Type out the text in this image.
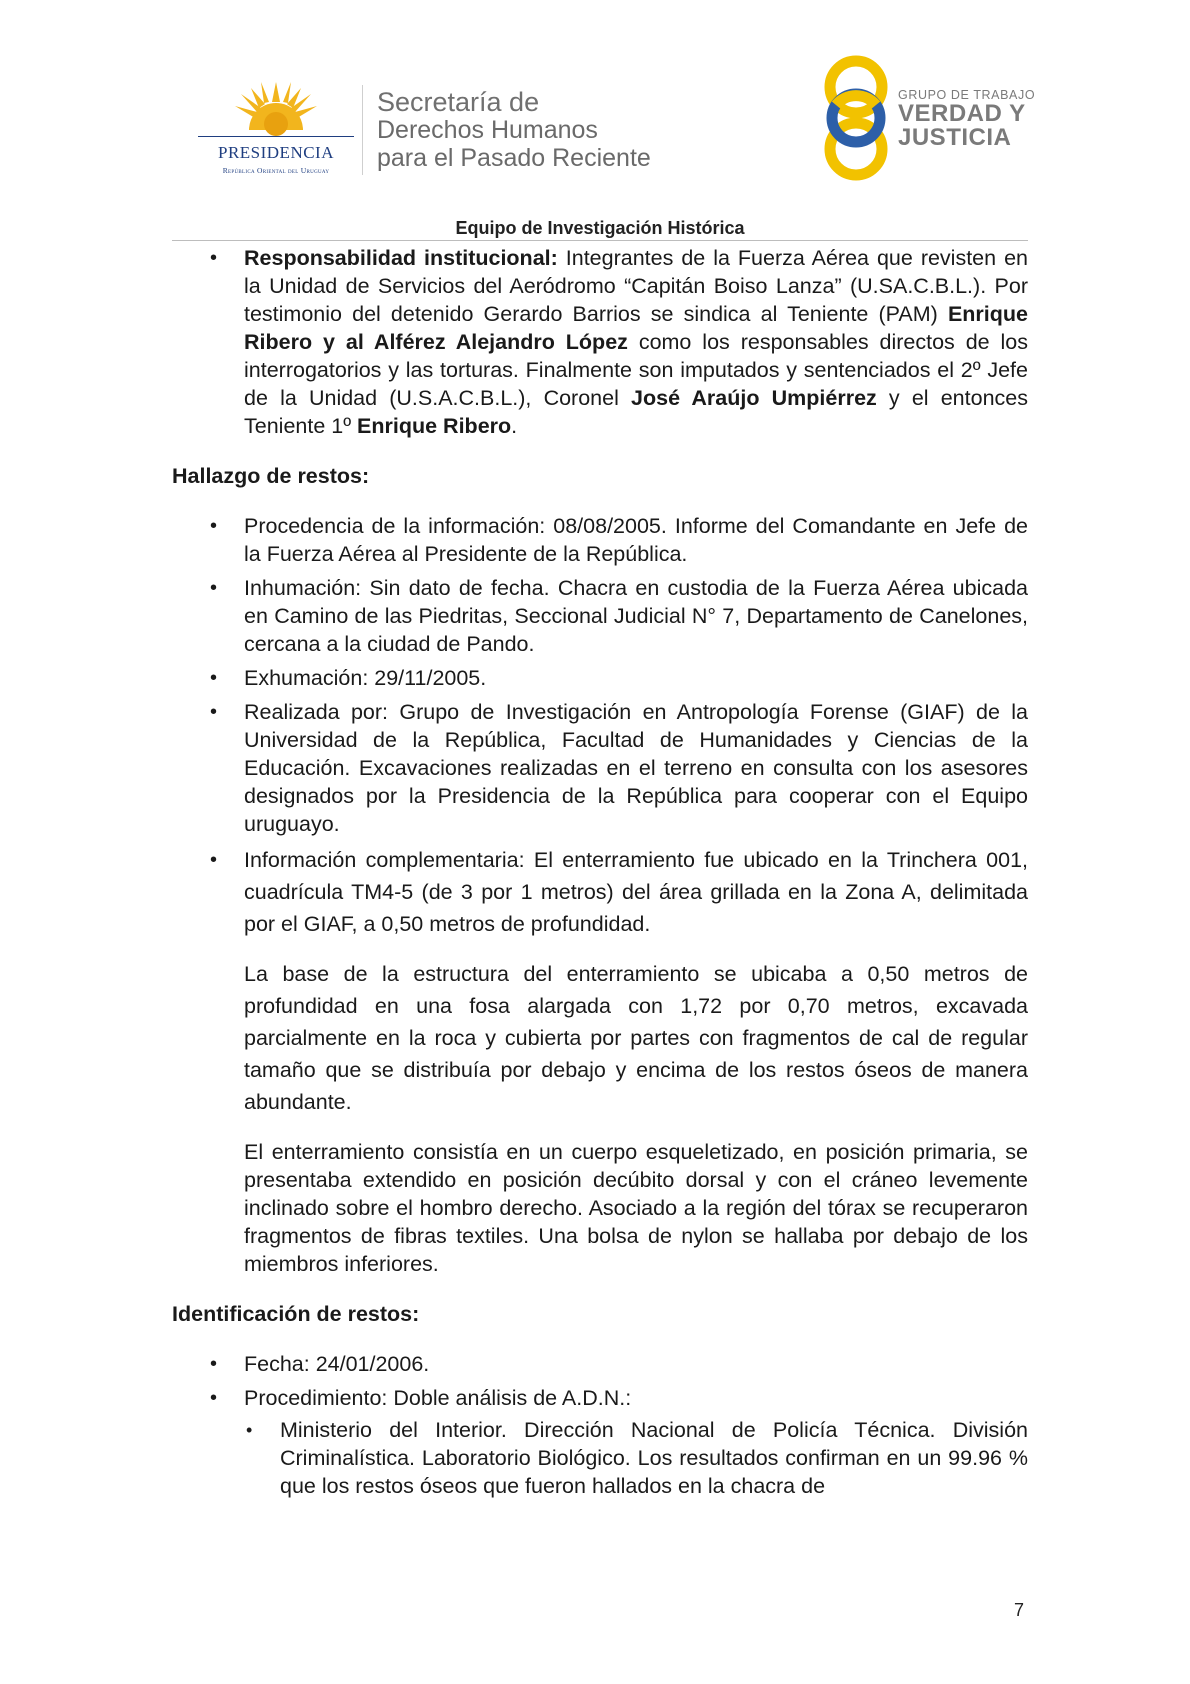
PRESIDENCIA
República Oriental del Uruguay
Secretaría de
Derechos Humanos
para el Pasado Reciente
GRUPO DE TRABAJO
VERDAD Y
JUSTICIA
Equipo de Investigación Histórica
• Responsabilidad institucional: Integrantes de la Fuerza Aérea que revisten en la Unidad de Servicios del Aeródromo “Capitán Boiso Lanza” (U.SA.C.B.L.). Por testimonio del detenido Gerardo Barrios se sindica al Teniente (PAM) Enrique Ribero y al Alférez Alejandro López como los responsables directos de los interrogatorios y las torturas. Finalmente son imputados y sentenciados el 2º Jefe de la Unidad (U.S.A.C.B.L.), Coronel José Araújo Umpiérrez y el entonces Teniente 1º Enrique Ribero.

Hallazgo de restos:

• Procedencia de la información: 08/08/2005. Informe del Comandante en Jefe de la Fuerza Aérea al Presidente de la República.
• Inhumación: Sin dato de fecha. Chacra en custodia de la Fuerza Aérea ubicada en Camino de las Piedritas, Seccional Judicial N° 7, Departamento de Canelones, cercana a la ciudad de Pando.
• Exhumación: 29/11/2005.
• Realizada por: Grupo de Investigación en Antropología Forense (GIAF) de la Universidad de la República, Facultad de Humanidades y Ciencias de la Educación. Excavaciones realizadas en el terreno en consulta con los asesores designados por la Presidencia de la República para cooperar con el Equipo uruguayo.
• Información complementaria: El enterramiento fue ubicado en la Trinchera 001, cuadrícula TM4-5 (de 3 por 1 metros) del área grillada en la Zona A, delimitada por el GIAF, a 0,50 metros de profundidad.

La base de la estructura del enterramiento se ubicaba a 0,50 metros de profundidad en una fosa alargada con 1,72 por 0,70 metros, excavada parcialmente en la roca y cubierta por partes con fragmentos de cal de regular tamaño que se distribuía por debajo y encima de los restos óseos de manera abundante.

El enterramiento consistía en un cuerpo esqueletizado, en posición primaria, se presentaba extendido en posición decúbito dorsal y con el cráneo levemente inclinado sobre el hombro derecho. Asociado a la región del tórax se recuperaron fragmentos de fibras textiles. Una bolsa de nylon se hallaba por debajo de los miembros inferiores.

Identificación de restos:

• Fecha: 24/01/2006.
• Procedimiento: Doble análisis de A.D.N.:
• Ministerio del Interior. Dirección Nacional de Policía Técnica. División Criminalística. Laboratorio Biológico. Los resultados confirman en un 99.96 % que los restos óseos que fueron hallados en la chacra de
7
